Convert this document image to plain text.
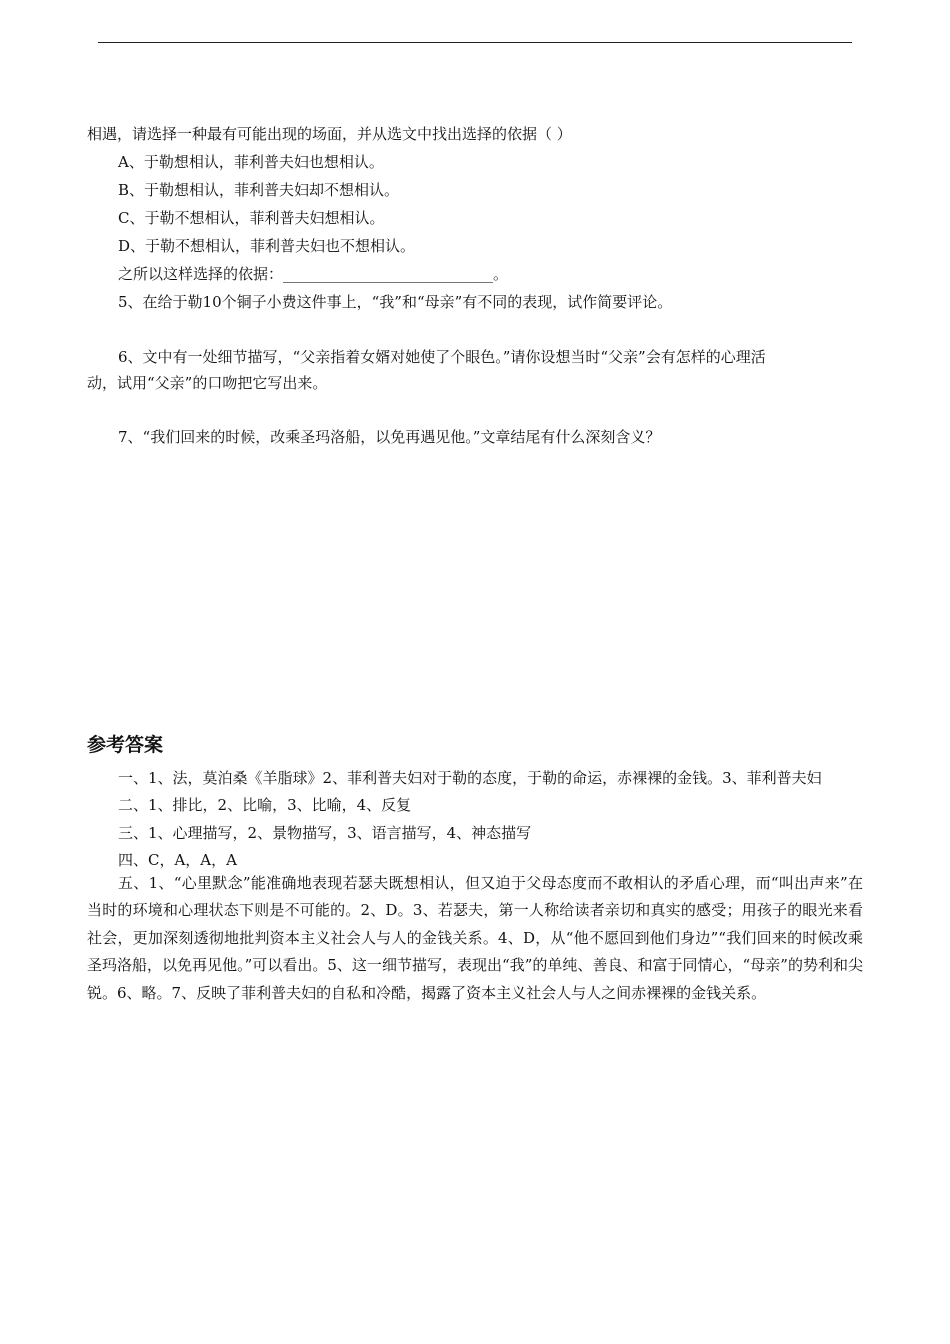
相遇，请选择一种最有可能出现的场面，并从选文中找出选择的依据（ ）
A、于勒想相认，菲利普夫妇也想相认。
B、于勒想相认，菲利普夫妇却不想相认。
C、于勒不想相认，菲利普夫妇想相认。
D、于勒不想相认，菲利普夫妇也不想相认。
之所以这样选择的依据：____________________________。
5、在给于勒10个铜子小费这件事上，“我”和“母亲”有不同的表现，试作简要评论。
6、文中有一处细节描写，“父亲指着女婿对她使了个眼色。”请你设想当时“父亲”会有怎样的心理活
动，试用“父亲”的口吻把它写出来。
7、“我们回来的时候，改乘圣玛洛船，以免再遇见他。”文章结尾有什么深刻含义？
参考答案
一、1、法，莫泊桑《羊脂球》2、菲利普夫妇对于勒的态度，于勒的命运，赤裸裸的金钱。3、菲利普夫妇
二、1、排比，2、比喻，3、比喻，4、反复
三、1、心理描写，2、景物描写，3、语言描写，4、神态描写
四、C，A，A，A

五、1、“心里默念”能准确地表现若瑟夫既想相认，但又迫于父母态度而不敢相认的矛盾心理，而“叫出声来”在当时的环境和心理状态下则是不可能的。2、D。3、若瑟夫，第一人称给读者亲切和真实的感受；用孩子的眼光来看社会，更加深刻透彻地批判资本主义社会人与人的金钱关系。4、D，从“他不愿回到他们身边”“我们回来的时候改乘圣玛洛船，以免再见他。”可以看出。5、这一细节描写，表现出“我”的单纯、善良、和富于同情心，“母亲”的势利和尖锐。6、略。7、反映了菲利普夫妇的自私和冷酷，揭露了资本主义社会人与人之间赤裸裸的金钱关系。
